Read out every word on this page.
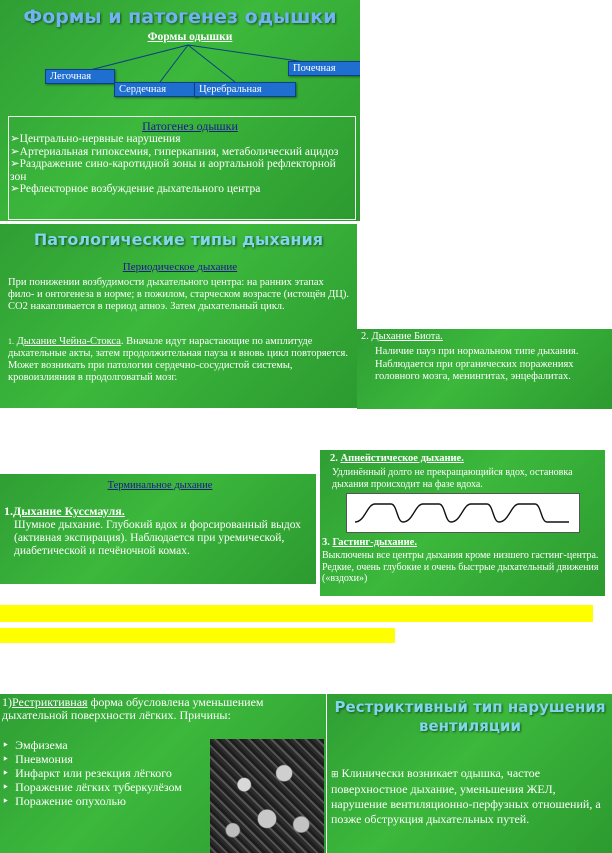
Формы и патогенез одышки
Формы одышки
Легочная
Сердечная	Церебральная
Почечная
Патогенез одышки
➢ Центрально-нервные нарушения
➢ Артериальная гипоксемия, гиперкапния, метаболический ацидоз
➢ Раздражение сино-каротидной зоны и аортальной рефлекторной зон
➢ Рефлекторное возбуждение дыхательного центра
Патологические типы дыхания
Периодическое дыхание
При понижении возбудимости дыхательного центра: на ранних этапах фило- и онтогенеза в норме; в пожилом, старческом возрасте (истощён ДЦ). СО2 накапливается в период апноэ. Затем дыхательный цикл.
1. Дыхание Чейна-Стокса. Вначале идут нарастающие по амплитуде дыхательные акты, затем продолжительная пауза и вновь цикл повторяется. Может возникать при патологии сердечно-сосудистой системы, кровоизлияния в продолговатый мозг.
2. Дыхание Биота.
Наличие пауз при нормальном типе дыхания. Наблюдается при органических поражениях головного мозга, менингитах, энцефалитах.
Терминальное дыхание
1.Дыхание Куссмауля.
Шумное дыхание. Глубокий вдох и форсированный выдох (активная экспирация). Наблюдается при уремической, диабетической и печёночной комах.
2. Апнейстическое дыхание.
Удлинённый долго не прекращающийся вдох, остановка дыхания происходит на фазе вдоха.
3. Гастинг-дыхание.
Выключены все центры дыхания кроме низшего гастинг-центра. Редкие, очень глубокие и очень быстрые дыхательный движения («вздохи»)
1)Рестриктивная форма обусловлена уменьшением дыхательной поверхности лёгких. Причины:
‣  Эмфизема
‣  Пневмония
‣  Инфаркт или резекция лёгкого
‣  Поражение лёгких туберкулёзом
‣  Поражение опухолью
Рестриктивный тип нарушения вентиляции
⊞ Клинически возникает одышка, частое поверхностное дыхание, уменьшения ЖЕЛ, нарушение вентиляционно-перфузных отношений, а позже обструкция дыхательных путей.
